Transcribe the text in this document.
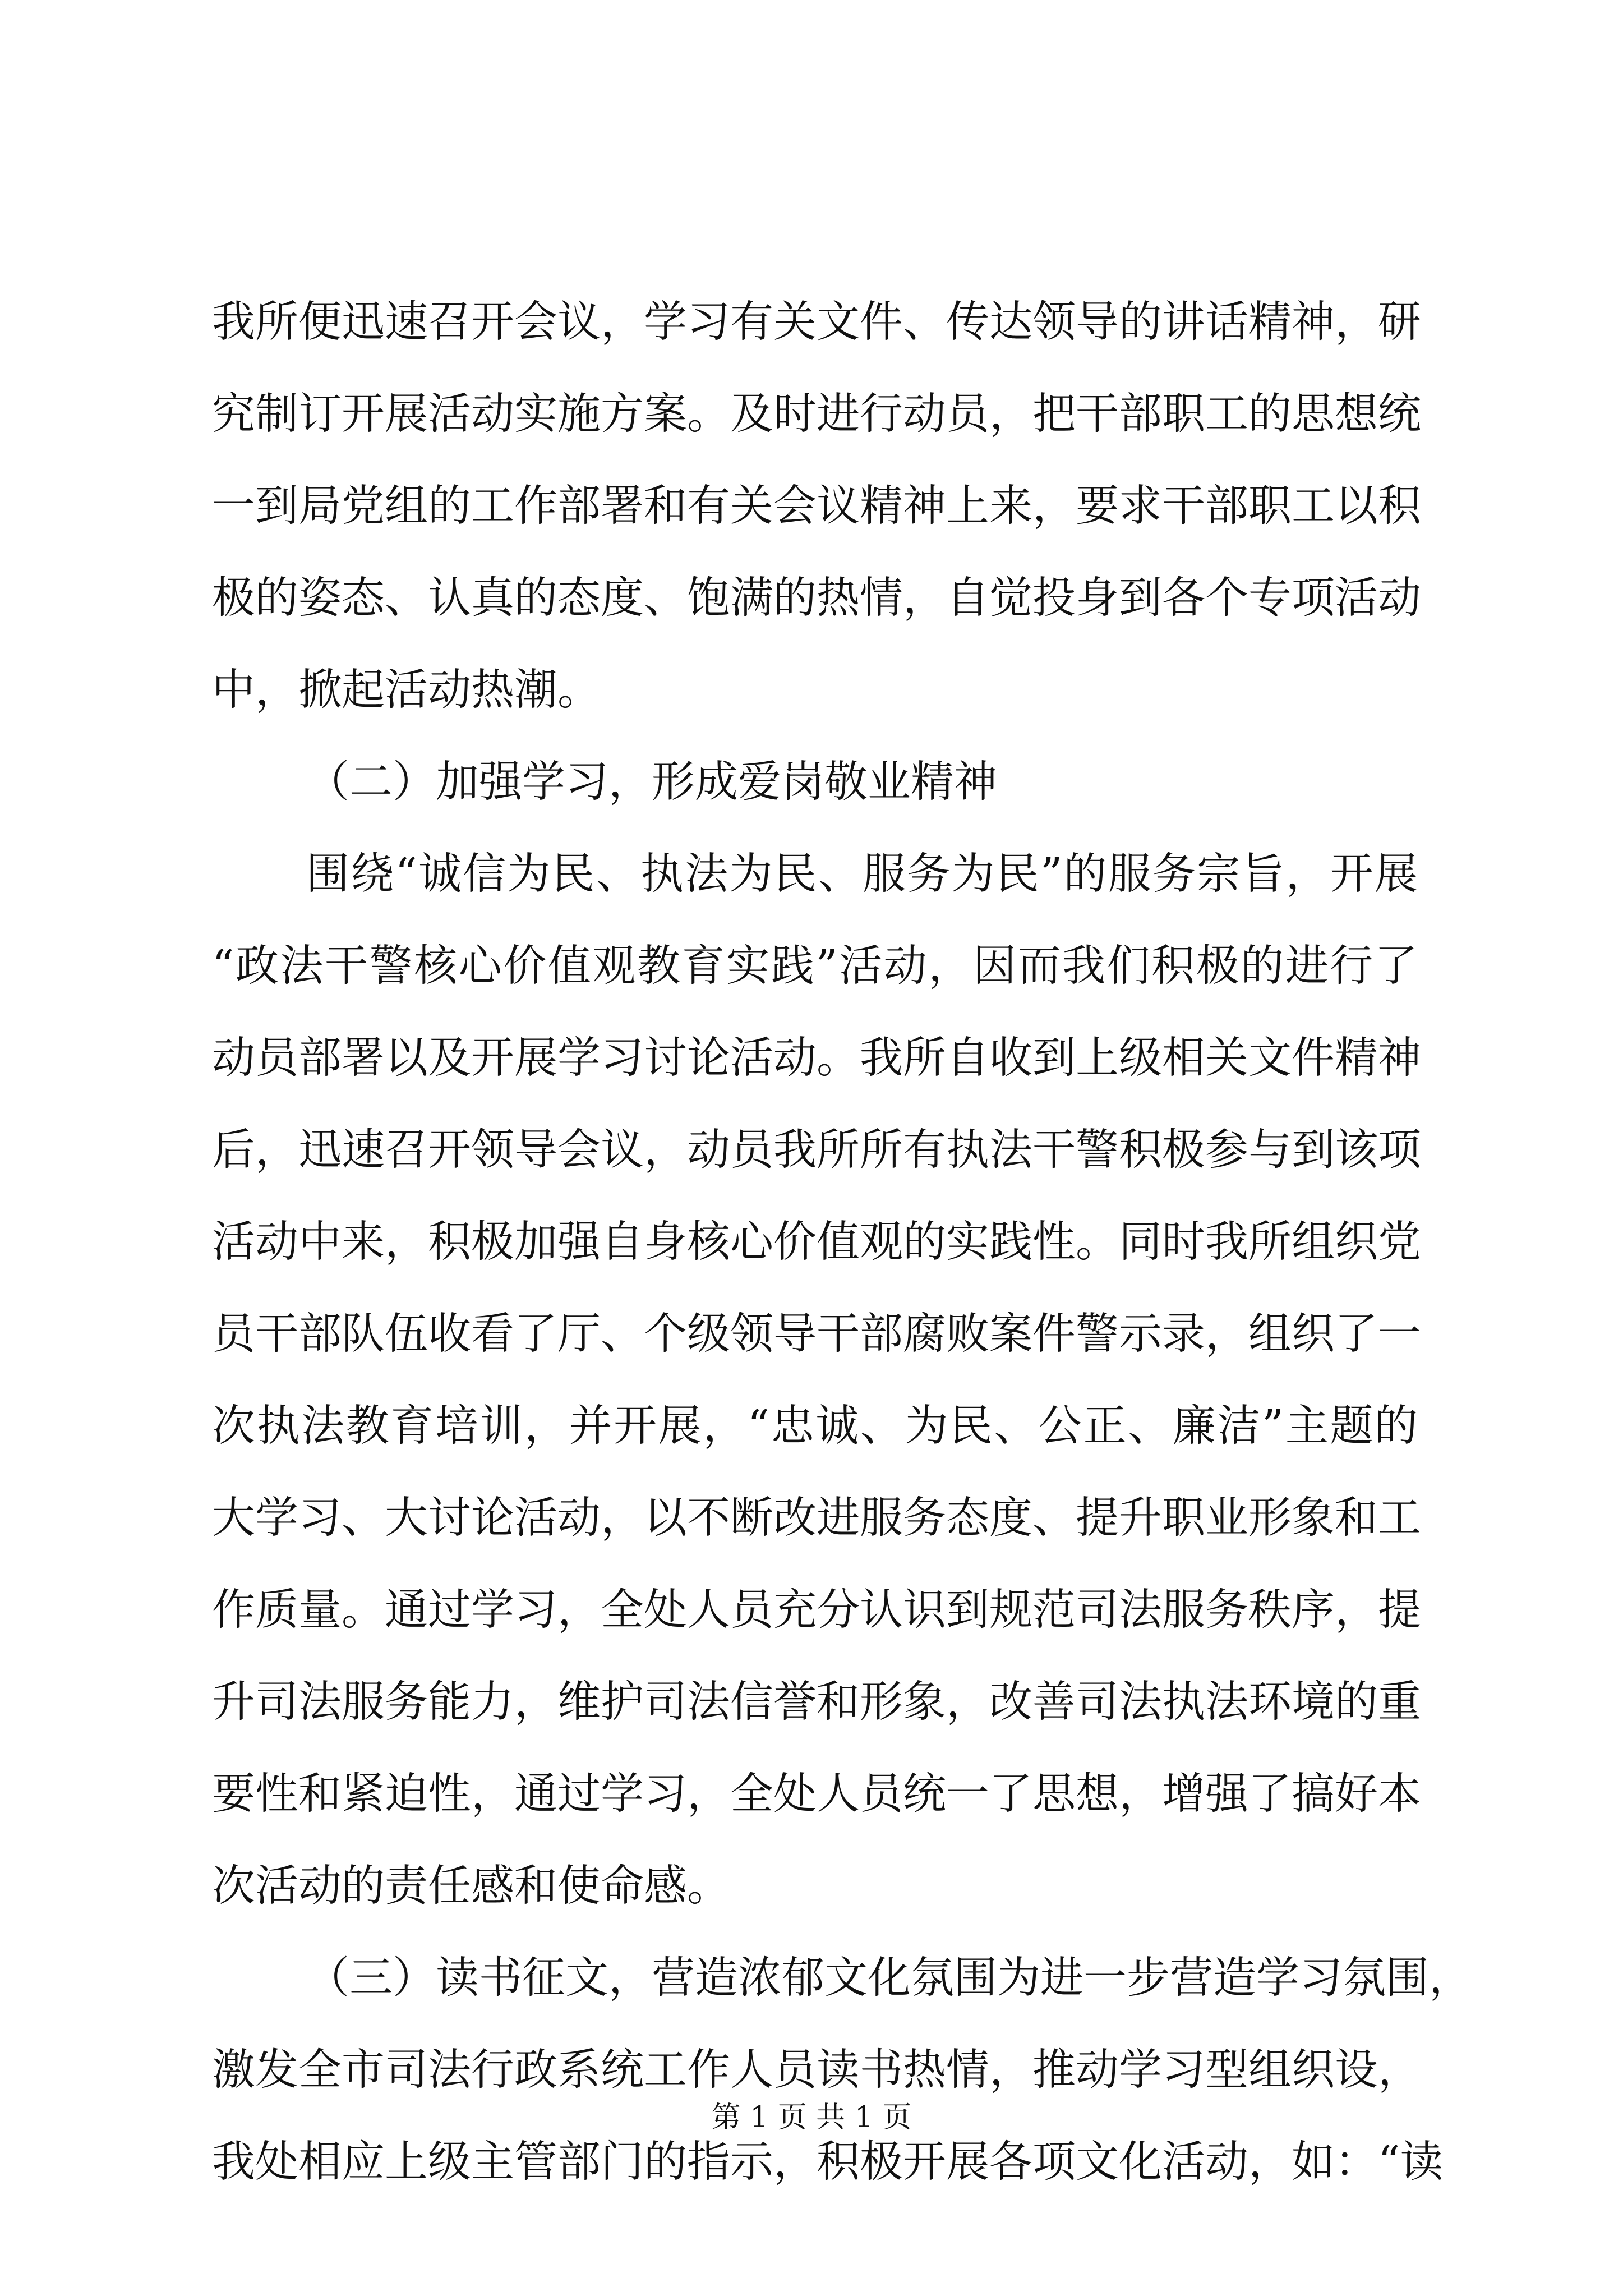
我所便迅速召开会议，学习有关文件、传达领导的讲话精神，研
究制订开展活动实施方案。及时进行动员，把干部职工的思想统
一到局党组的工作部署和有关会议精神上来，要求干部职工以积
极的姿态、认真的态度、饱满的热情，自觉投身到各个专项活动
中，掀起活动热潮。
（二）加强学习，形成爱岗敬业精神
围绕“诚信为民、执法为民、服务为民”的服务宗旨，开展
“政法干警核心价值观教育实践”活动，因而我们积极的进行了
动员部署以及开展学习讨论活动。我所自收到上级相关文件精神
后，迅速召开领导会议，动员我所所有执法干警积极参与到该项
活动中来，积极加强自身核心价值观的实践性。同时我所组织党
员干部队伍收看了厅、个级领导干部腐败案件警示录，组织了一
次执法教育培训，并开展，“忠诚、为民、公正、廉洁”主题的
大学习、大讨论活动，以不断改进服务态度、提升职业形象和工
作质量。通过学习，全处人员充分认识到规范司法服务秩序，提
升司法服务能力，维护司法信誉和形象，改善司法执法环境的重
要性和紧迫性，通过学习，全处人员统一了思想，增强了搞好本
次活动的责任感和使命感。
（三）读书征文，营造浓郁文化氛围为进一步营造学习氛围，
激发全市司法行政系统工作人员读书热情，推动学习型组织设，
我处相应上级主管部门的指示，积极开展各项文化活动，如：“读
第 1 页 共 1 页
